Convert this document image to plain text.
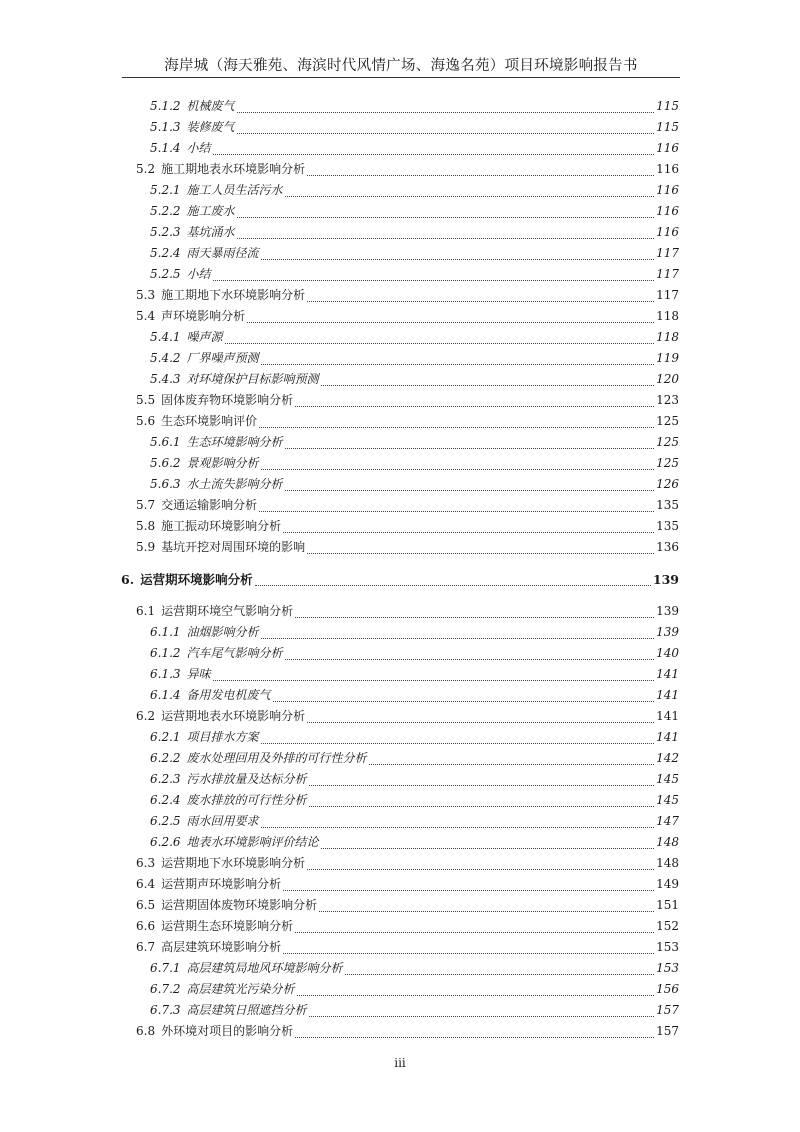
海岸城（海天雅苑、海滨时代风情广场、海逸名苑）项目环境影响报告书
5.1.2 机械废气	115
5.1.3 装修废气	115
5.1.4 小结	116
5.2 施工期地表水环境影响分析	116
5.2.1 施工人员生活污水	116
5.2.2 施工废水	116
5.2.3 基坑涌水	116
5.2.4 雨天暴雨径流	117
5.2.5 小结	117
5.3 施工期地下水环境影响分析	117
5.4 声环境影响分析	118
5.4.1 噪声源	118
5.4.2 厂界噪声预测	119
5.4.3 对环境保护目标影响预测	120
5.5 固体废弃物环境影响分析	123
5.6 生态环境影响评价	125
5.6.1 生态环境影响分析	125
5.6.2 景观影响分析	125
5.6.3 水土流失影响分析	126
5.7 交通运输影响分析	135
5.8 施工振动环境影响分析	135
5.9 基坑开挖对周围环境的影响	136
6. 运营期环境影响分析	139
6.1 运营期环境空气影响分析	139
6.1.1 油烟影响分析	139
6.1.2 汽车尾气影响分析	140
6.1.3 异味	141
6.1.4 备用发电机废气	141
6.2 运营期地表水环境影响分析	141
6.2.1 项目排水方案	141
6.2.2 废水处理回用及外排的可行性分析	142
6.2.3 污水排放量及达标分析	145
6.2.4 废水排放的可行性分析	145
6.2.5 雨水回用要求	147
6.2.6 地表水环境影响评价结论	148
6.3 运营期地下水环境影响分析	148
6.4 运营期声环境影响分析	149
6.5 运营期固体废物环境影响分析	151
6.6 运营期生态环境影响分析	152
6.7 高层建筑环境影响分析	153
6.7.1 高层建筑局地风环境影响分析	153
6.7.2 高层建筑光污染分析	156
6.7.3 高层建筑日照遮挡分析	157
6.8 外环境对项目的影响分析	157
iii
